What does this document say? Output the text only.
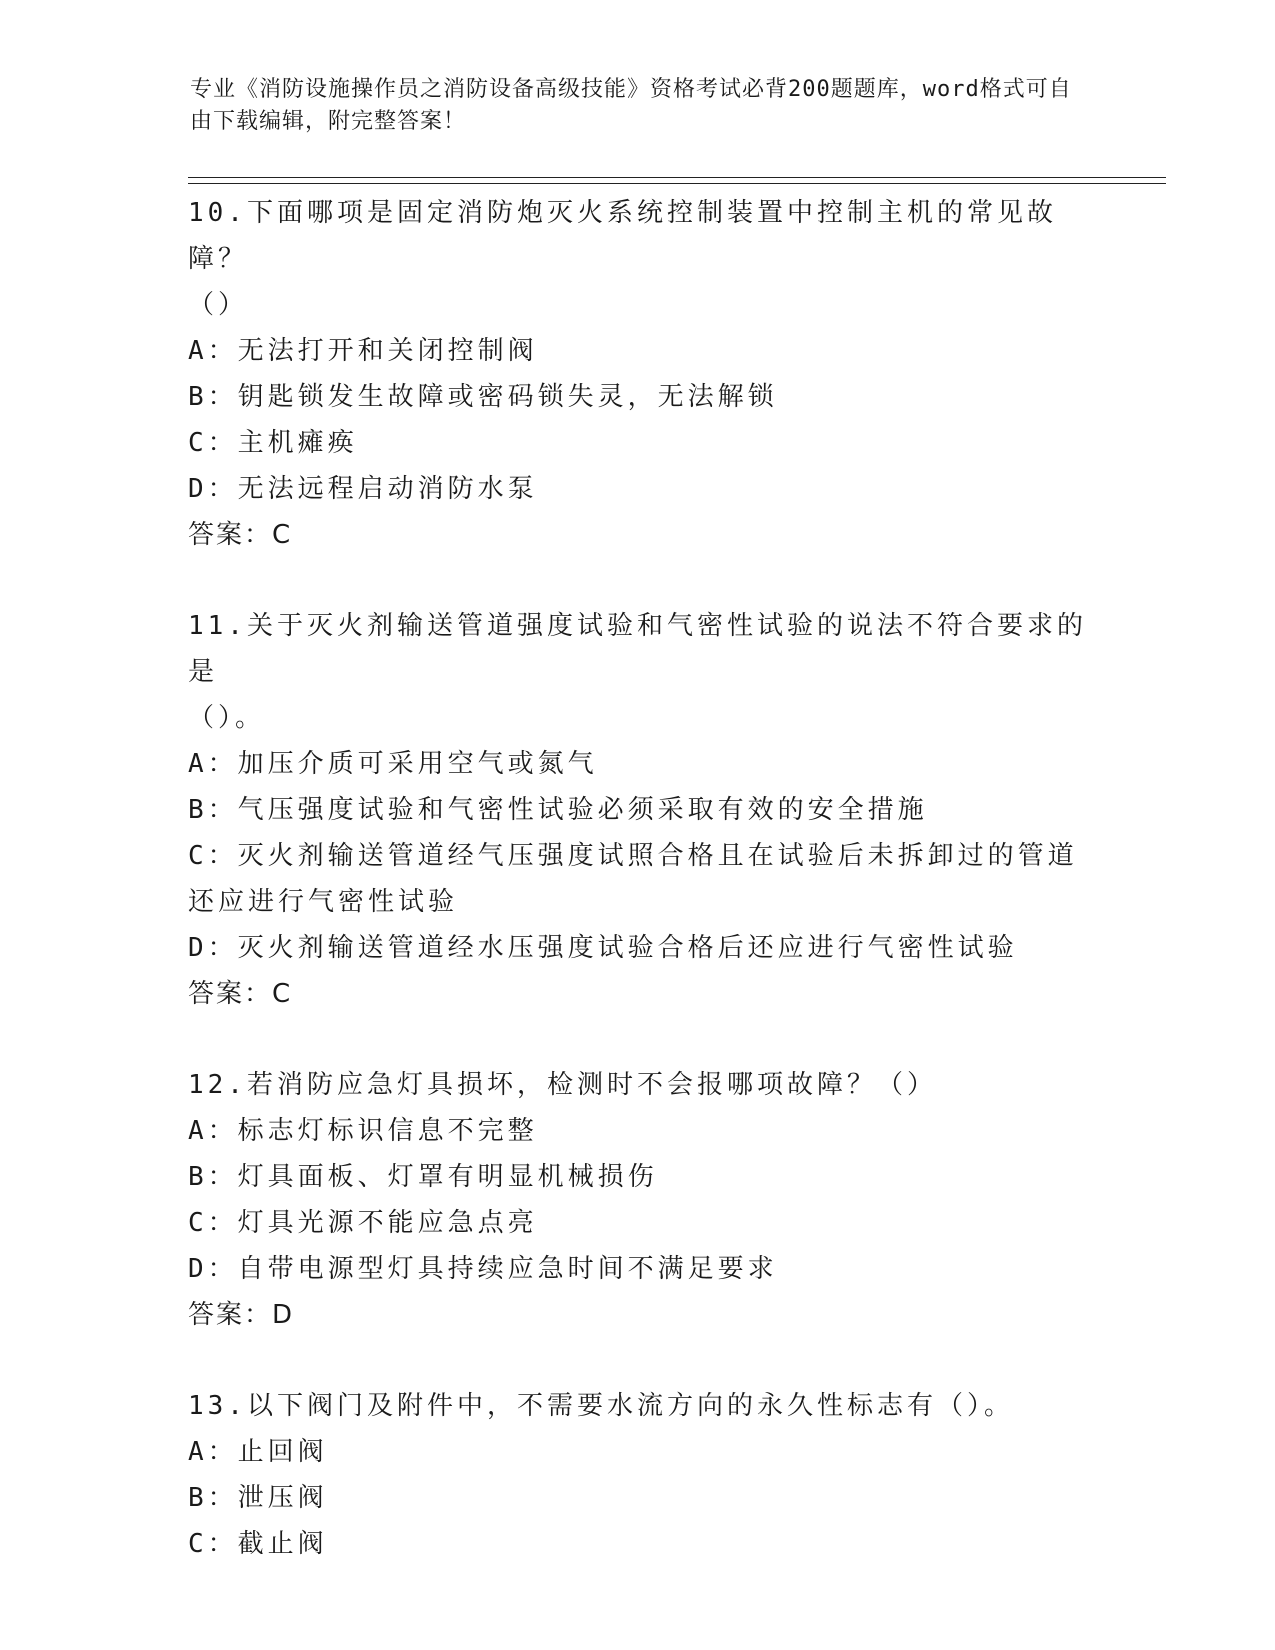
专业《消防设施操作员之消防设备高级技能》资格考试必背200题题库，word格式可自由下载编辑，附完整答案！
10.下面哪项是固定消防炮灭火系统控制装置中控制主机的常见故障？
（）
A：无法打开和关闭控制阀
B：钥匙锁发生故障或密码锁失灵，无法解锁
C：主机瘫痪
D：无法远程启动消防水泵
答案：C
11.关于灭火剂输送管道强度试验和气密性试验的说法不符合要求的是
（）。
A：加压介质可采用空气或氮气
B：气压强度试验和气密性试验必须采取有效的安全措施
C：灭火剂输送管道经气压强度试照合格且在试验后未拆卸过的管道还应进行气密性试验
D：灭火剂输送管道经水压强度试验合格后还应进行气密性试验
答案：C
12.若消防应急灯具损坏，检测时不会报哪项故障？（）
A：标志灯标识信息不完整
B：灯具面板、灯罩有明显机械损伤
C：灯具光源不能应急点亮
D：自带电源型灯具持续应急时间不满足要求
答案：D
13.以下阀门及附件中，不需要水流方向的永久性标志有（）。
A：止回阀
B：泄压阀
C：截止阀
